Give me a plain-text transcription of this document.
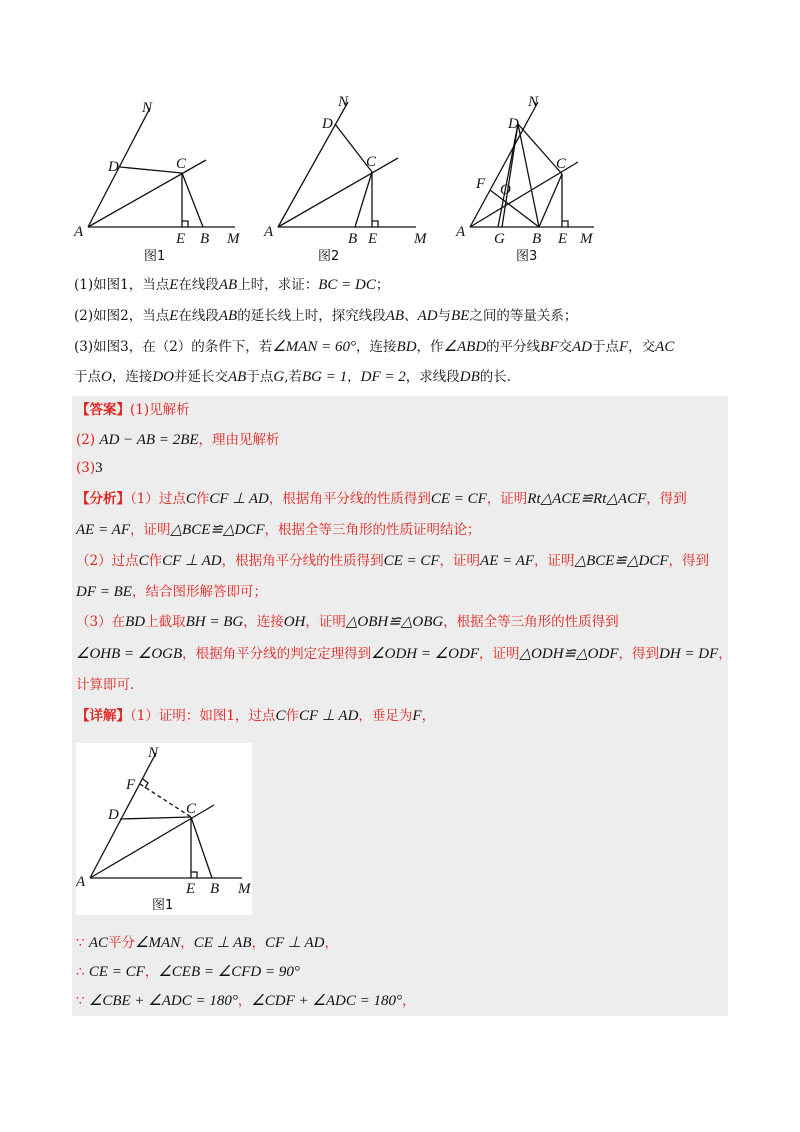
N
D	C
A	E B M
图1
N
D
C
A	B E M
图2
N
D
C
F O
A G B E M
图3
(1)如图1，当点E在线段AB上时，求证：BC = DC；
(2)如图2，当点E在线段AB的延长线上时，探究线段AB、AD与BE之间的等量关系；
(3)如图3，在（2）的条件下，若∠MAN = 60°，连接BD，作∠ABD的平分线BF交AD于点F，交AC
于点O，连接DO并延长交AB于点G,若BG = 1，DF = 2，求线段DB的长.
【答案】(1)见解析
(2) AD − AB = 2BE，理由见解析
(3)3
【分析】（1）过点C作CF ⊥ AD，根据角平分线的性质得到CE = CF，证明Rt△ACE≌Rt△ACF，得到
AE = AF，证明△BCE≌△DCF，根据全等三角形的性质证明结论；
（2）过点C作CF ⊥ AD，根据角平分线的性质得到CE = CF，证明AE = AF，证明△BCE≌△DCF，得到
DF = BE，结合图形解答即可；
（3）在BD上截取BH = BG，连接OH，证明△OBH≌△OBG，根据全等三角形的性质得到
∠OHB = ∠OGB，根据角平分线的判定定理得到∠ODH = ∠ODF，证明△ODH≌△ODF，得到DH = DF，
计算即可.
【详解】（1）证明：如图1，过点C作CF ⊥ AD，垂足为F，
N
F
D	C
A	E B M
图1
∵ AC平分∠MAN，CE ⊥ AB，CF ⊥ AD，
∴ CE = CF，∠CEB = ∠CFD = 90°
∵ ∠CBE + ∠ADC = 180°，∠CDF + ∠ADC = 180°，
